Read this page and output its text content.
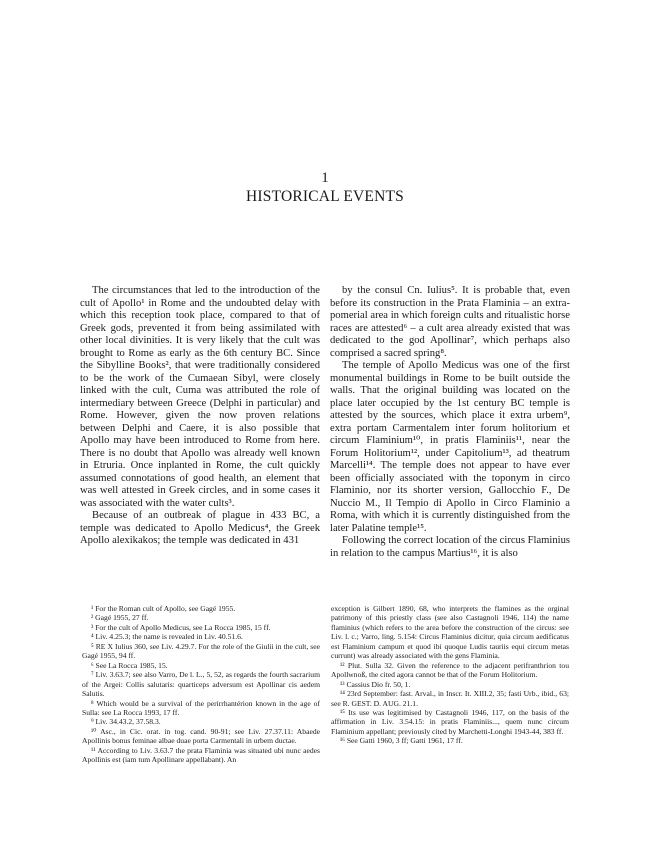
1
HISTORICAL EVENTS

The circumstances that led to the introduction of the cult of Apollo¹ in Rome and the undoubted delay with which this reception took place, compared to that of Greek gods, prevented it from being assimilated with other local divinities. It is very likely that the cult was brought to Rome as early as the 6th century BC. Since the Sibylline Books², that were traditionally considered to be the work of the Cumaean Sibyl, were closely linked with the cult, Cuma was attributed the role of intermediary between Greece (Delphi in particular) and Rome. However, given the now proven relations between Delphi and Caere, it is also possible that Apollo may have been introduced to Rome from here. There is no doubt that Apollo was already well known in Etruria. Once inplanted in Rome, the cult quickly assumed connotations of good health, an element that was well attested in Greek circles, and in some cases it was associated with the water cults³.

Because of an outbreak of plague in 433 BC, a temple was dedicated to Apollo Medicus⁴, the Greek Apollo alexikakos; the temple was dedicated in 431

by the consul Cn. Iulius⁵. It is probable that, even before its construction in the Prata Flaminia – an extra-pomerial area in which foreign cults and ritualistic horse races are attested⁶ – a cult area already existed that was dedicated to the god Apollinar⁷, which perhaps also comprised a sacred spring⁸.

The temple of Apollo Medicus was one of the first monumental buildings in Rome to be built outside the walls. That the original building was located on the place later occupied by the 1st century BC temple is attested by the sources, which place it extra urbem⁹, extra portam Carmentalem inter forum holitorium et circum Flaminium¹⁰, in pratis Flaminiis¹¹, near the Forum Holitorium¹², under Capitolium¹³, ad theatrum Marcelli¹⁴. The temple does not appear to have ever been officially associated with the toponym in circo Flaminio, nor its shorter version, Gallocchio F., De Nuccio M., Il Tempio di Apollo in Circo Flaminio a Roma, with which it is currently distinguished from the later Palatine temple¹⁵.

Following the correct location of the circus Flaminius in relation to the campus Martius¹⁶, it is also

¹ For the Roman cult of Apollo, see Gagé 1955.

² Gagé 1955, 27 ff.

³ For the cult of Apollo Medicus, see La Rocca 1985, 15 ff.

⁴ Liv. 4.25.3; the name is revealed in Liv. 40.51.6.

⁵ RE X Iulius 360, see Liv. 4.29.7. For the role of the Giulii in the cult, see Gagé 1955, 94 ff.

⁶ See La Rocca 1985, 15.

⁷ Liv. 3.63.7; see also Varro, De l. L., 5, 52, as regards the fourth sacrarium of the Argei: Collis salutaris: quarticeps adversum est Apollinar cis aedem Salutis.

⁸ Which would be a survival of the perirrhantérion known in the age of Sulla: see La Rocca 1993, 17 ff.

⁹ Liv. 34.43.2, 37.58.3.

¹⁰ Asc., in Cic. orat. in tog. cand. 90-91; see Liv. 27.37.11: Abaede Apollinis bonus feminae albae duae porta Carmentali in urbem ductae.

¹¹ According to Liv. 3.63.7 the prata Flaminia was situated ubi nunc aedes Apollinis est (iam tum Apollinare appellabant). An

exception is Gilbert 1890, 68, who interprets the flamines as the orginal patrimony of this priestly class (see also Castagnoli 1946, 114) the name flaminius (which refers to the area before the construction of the circus: see Liv. l. c.; Varro, ling. 5.154: Circus Flaminius dicitur, quia circum aedificatus est Flaminium campum et quod ibi quoque Ludis tauriis equi circum metas currunt) was already associated with the gens Flaminia.

¹² Plut. Sulla 32. Given the reference to the adjacent perifranthrion tou Apollwnoß, the cited agora cannot be that of the Forum Holitorium.

¹³ Cassius Dio fr. 50, 1.

¹⁴ 23rd September: fast. Arval., in Inscr. It. XIII.2, 35; fasti Urb., ibid., 63; see R. GEST. D. AUG. 21.1.

¹⁵ Its use was legitimised by Castagnoli 1946, 117, on the basis of the affirmation in Liv. 3.54.15: in pratis Flaminiis..., quem nunc circum Flaminium appellant; previously cited by Marchetti-Longhi 1943-44, 383 ff.

¹⁶ See Gatti 1960, 3 ff; Gatti 1961, 17 ff.
